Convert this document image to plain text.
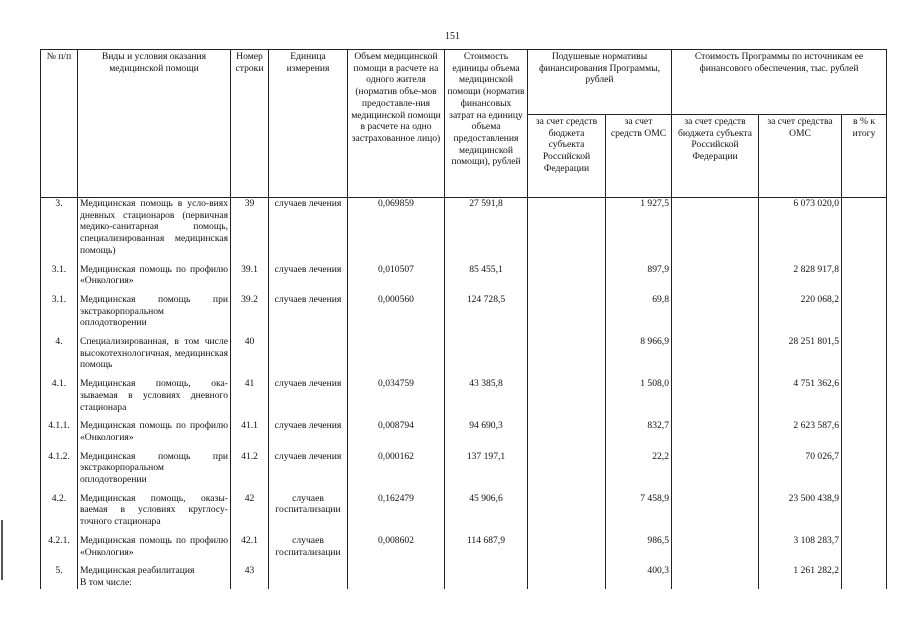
151
№ п/п	Виды и условия оказания медицинской помощи	Номер строки	Единица измерения	Объем медицинской помощи в расчете на одного жителя (норматив объе-мов предоставле-ния медицинской помощи в расчете на одно застрахованное лицо)	Стоимость единицы объема медицинской помощи (норматив финансовых затрат на единицу объема предоставления медицинской помощи), рублей	Подушевые нормативы финансирования Программы, рублей		Стоимость Программы по источникам ее финансового обеспечения, тыс. рублей		
						за счет средств бюджета субъекта Российской Федерации	за счет средств ОМС	за счет средств бюджета субъекта Российской Федерации	за счет средства ОМС	в % к итогу
3.	Медицинская помощь в усло-виях дневных стационаров (первичная медико-санитарная помощь, специализированная медицинская помощь)	39	случаев лечения	0,069859	27 591,8		1 927,5		6 073 020,0	

3.1.	Медицинская помощь по профилю «Онкология»	39.1	случаев лечения	0,010507	85 455,1		897,9		2 828 917,8	

3.1.	Медицинская помощь при экстракорпоральном оплодотворении	39.2	случаев лечения	0,000560	124 728,5		69,8		220 068,2	

4.	Специализированная, в том числе высокотехнологичная, медицинская помощь	40					8 966,9		28 251 801,5	

4.1.	Медицинская помощь, ока-зываемая в условиях дневного стационара	41	случаев лечения	0,034759	43 385,8		1 508,0		4 751 362,6	

4.1.1.	Медицинская помощь по профилю «Онкология»	41.1	случаев лечения	0,008794	94 690,3		832,7		2 623 587,6	

4.1.2.	Медицинская помощь при экстракорпоральном оплодотворении	41.2	случаев лечения	0,000162	137 197,1		22,2		70 026,7	

4.2.	Медицинская помощь, оказы-ваемая в условиях круглосу-точного стационара	42	случаев госпитализации	0,162479	45 906,6		7 458,9		23 500 438,9	

4.2.1.	Медицинская помощь по профилю «Онкология»	42.1	случаев госпитализации	0,008602	114 687,9		986,5		3 108 283,7	

5.	Медицинская реабилитация	43					400,3		1 261 282,2	
	В том числе:									
